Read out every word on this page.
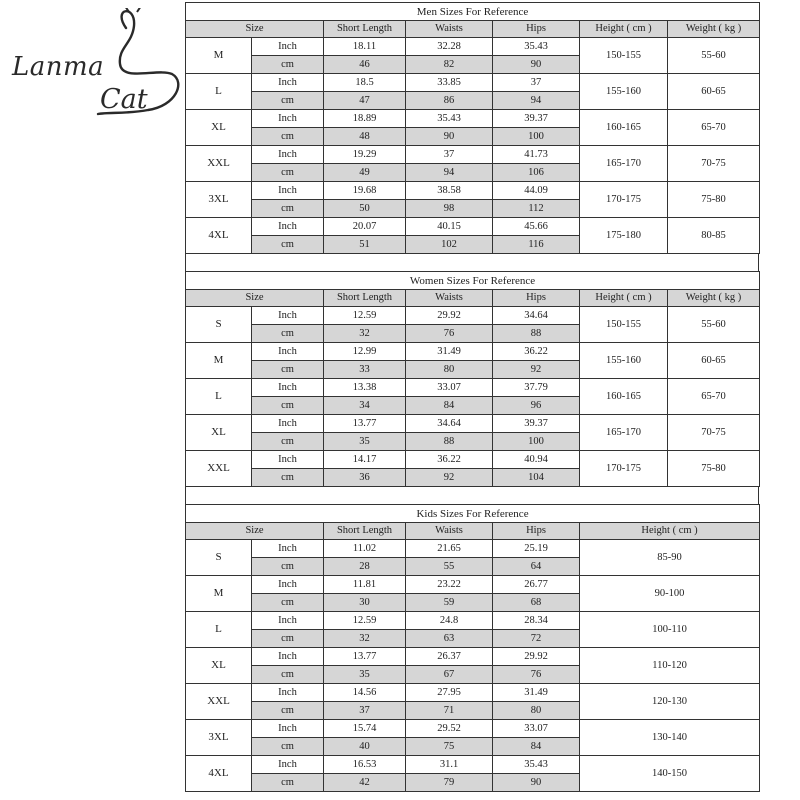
Lanma
Cat
Men Sizes For Reference						
Size		Short Length	Waists	Hips	Height ( cm )	Weight ( kg )
M	Inch	18.11	32.28	35.43	150-155	55-60
	cm	46	82	90		
L	Inch	18.5	33.85	37	155-160	60-65
	cm	47	86	94		
XL	Inch	18.89	35.43	39.37	160-165	65-70
	cm	48	90	100		
XXL	Inch	19.29	37	41.73	165-170	70-75
	cm	49	94	106		
3XL	Inch	19.68	38.58	44.09	170-175	75-80
	cm	50	98	112		
4XL	Inch	20.07	40.15	45.66	175-180	80-85
	cm	51	102	116		
Women Sizes For Reference						
Size		Short Length	Waists	Hips	Height ( cm )	Weight ( kg )
S	Inch	12.59	29.92	34.64	150-155	55-60
	cm	32	76	88		
M	Inch	12.99	31.49	36.22	155-160	60-65
	cm	33	80	92		
L	Inch	13.38	33.07	37.79	160-165	65-70
	cm	34	84	96		
XL	Inch	13.77	34.64	39.37	165-170	70-75
	cm	35	88	100		
XXL	Inch	14.17	36.22	40.94	170-175	75-80
	cm	36	92	104		
Kids Sizes For Reference					
Size		Short Length	Waists	Hips	Height ( cm )
S	Inch	11.02	21.65	25.19	85-90
	cm	28	55	64	
M	Inch	11.81	23.22	26.77	90-100
	cm	30	59	68	
L	Inch	12.59	24.8	28.34	100-110
	cm	32	63	72	
XL	Inch	13.77	26.37	29.92	110-120
	cm	35	67	76	
XXL	Inch	14.56	27.95	31.49	120-130
	cm	37	71	80	
3XL	Inch	15.74	29.52	33.07	130-140
	cm	40	75	84	
4XL	Inch	16.53	31.1	35.43	140-150
	cm	42	79	90	
